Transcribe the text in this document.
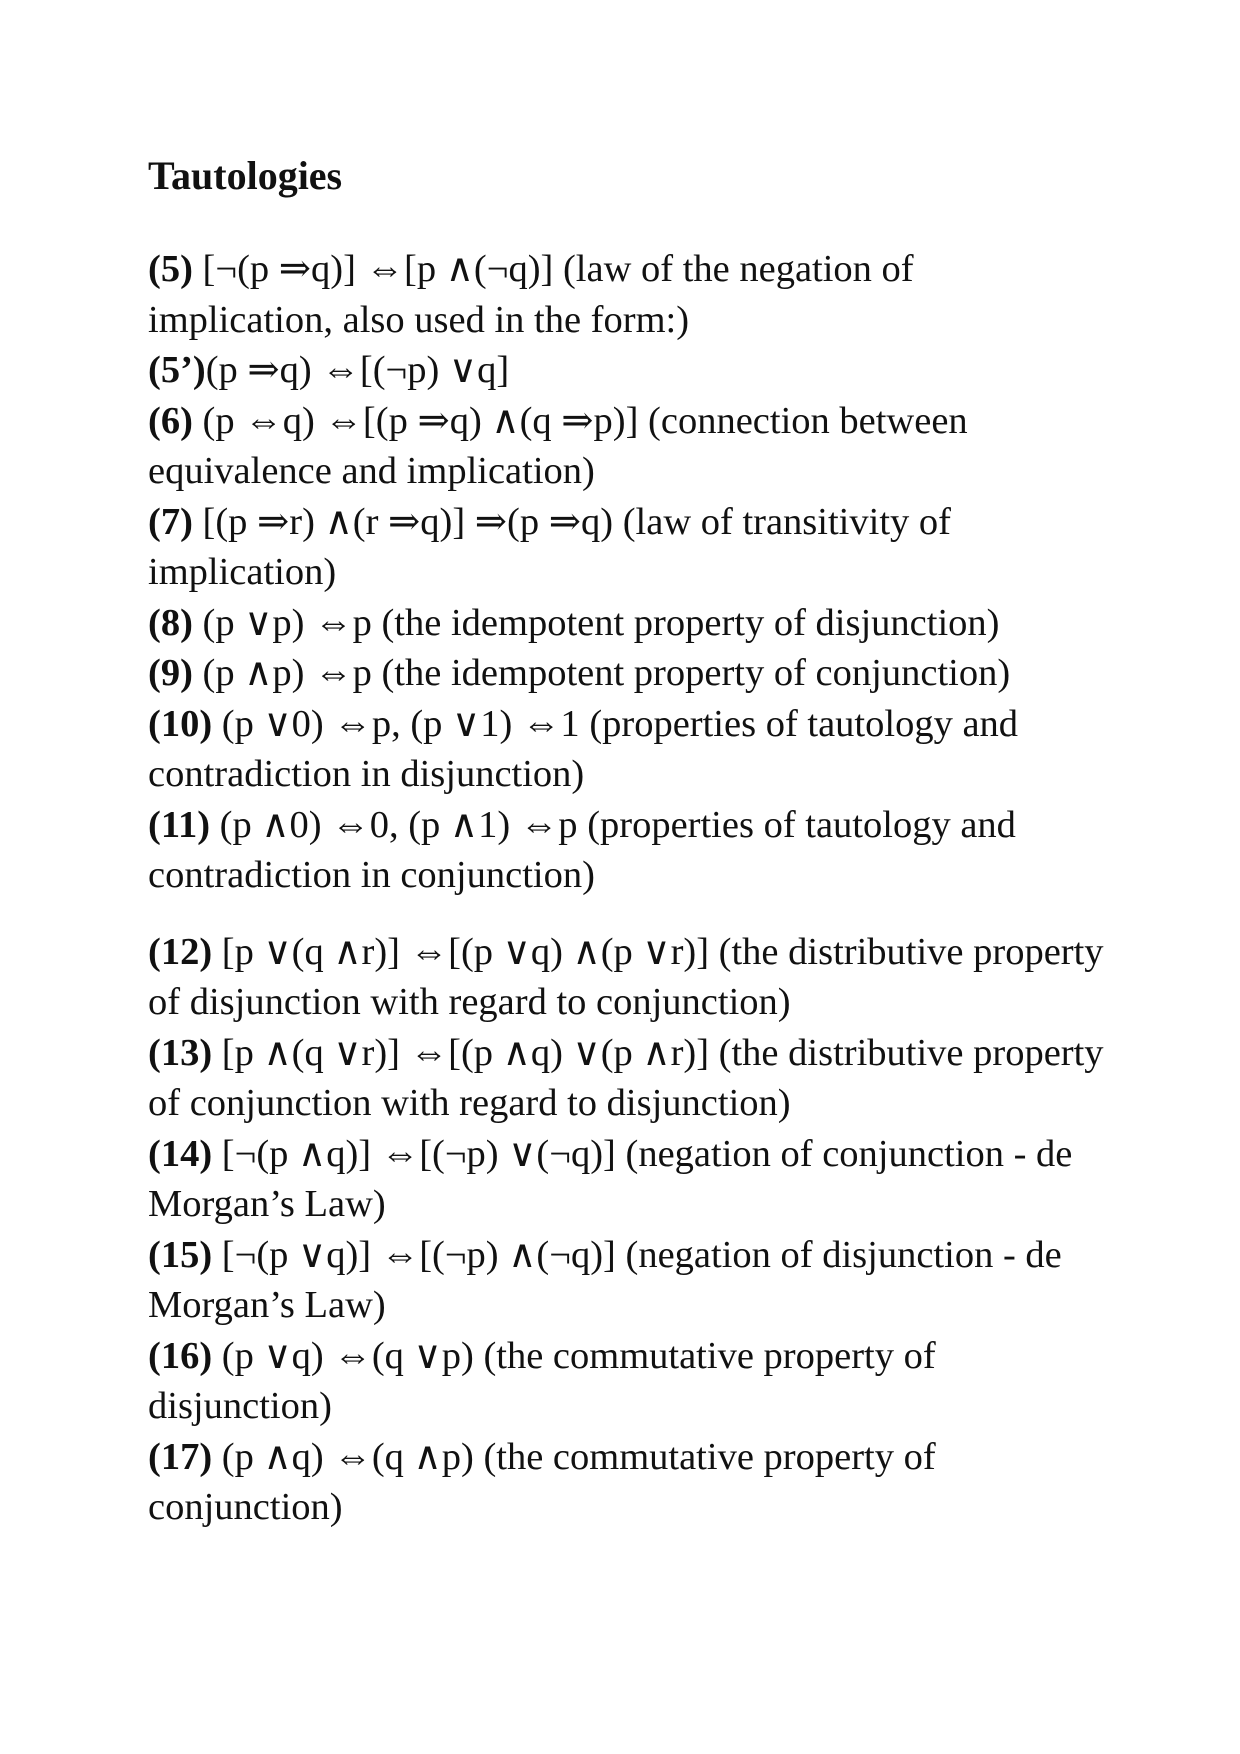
Tautologies
(5) [¬(p ⇒q)] ⇔[p ∧(¬q)] (law of the negation of implication, also used in the form:)
(5’)(p ⇒q) ⇔[(¬p) ∨q]
(6) (p ⇔q) ⇔[(p ⇒q) ∧(q ⇒p)] (connection between equivalence and implication)
(7) [(p ⇒r) ∧(r ⇒q)] ⇒(p ⇒q) (law of transitivity of implication)
(8) (p ∨p) ⇔p (the idempotent property of disjunction)
(9) (p ∧p) ⇔p (the idempotent property of conjunction)
(10) (p ∨0) ⇔p, (p ∨1) ⇔1 (properties of tautology and contradiction in disjunction)
(11) (p ∧0) ⇔0, (p ∧1) ⇔p (properties of tautology and contradiction in conjunction)
(12) [p ∨(q ∧r)] ⇔[(p ∨q) ∧(p ∨r)] (the distributive property of disjunction with regard to conjunction)
(13) [p ∧(q ∨r)] ⇔[(p ∧q) ∨(p ∧r)] (the distributive property of conjunction with regard to disjunction)
(14) [¬(p ∧q)] ⇔[(¬p) ∨(¬q)] (negation of conjunction - de Morgan’s Law)
(15) [¬(p ∨q)] ⇔[(¬p) ∧(¬q)] (negation of disjunction - de Morgan’s Law)
(16) (p ∨q) ⇔(q ∨p) (the commutative property of disjunction)
(17) (p ∧q) ⇔(q ∧p) (the commutative property of conjunction)
